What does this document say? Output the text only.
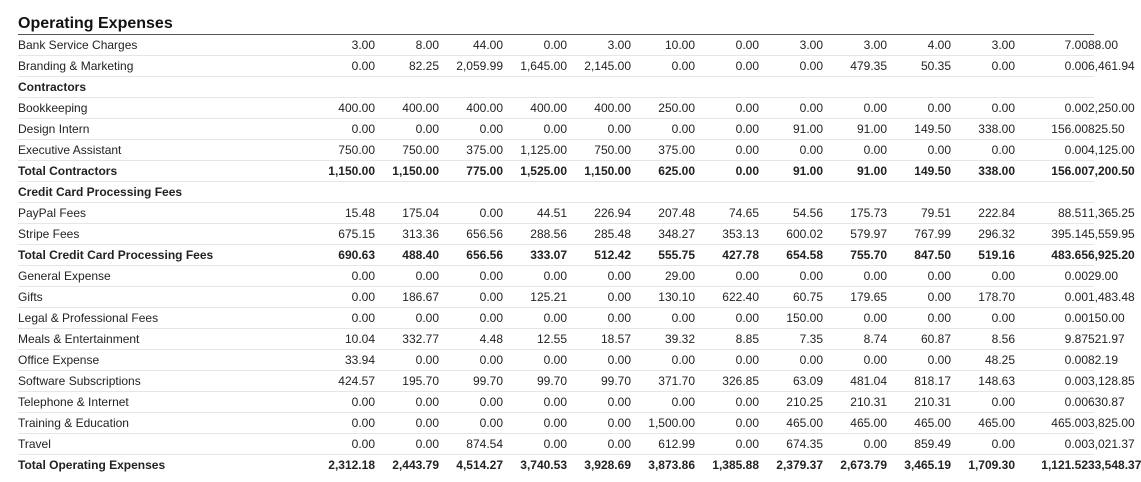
Operating Expenses
Bank Service Charges		3.00	8.00	44.00	0.00	3.00	10.00	0.00	3.00	3.00	4.00	3.00	7.00	88.00
Branding & Marketing		0.00	82.25	2,059.99	1,645.00	2,145.00	0.00	0.00	0.00	479.35	50.35	0.00	0.00	6,461.94
Contractors														
Bookkeeping		400.00	400.00	400.00	400.00	400.00	250.00	0.00	0.00	0.00	0.00	0.00	0.00	2,250.00
Design Intern		0.00	0.00	0.00	0.00	0.00	0.00	0.00	91.00	91.00	149.50	338.00	156.00	825.50
Executive Assistant		750.00	750.00	375.00	1,125.00	750.00	375.00	0.00	0.00	0.00	0.00	0.00	0.00	4,125.00
Total Contractors		1,150.00	1,150.00	775.00	1,525.00	1,150.00	625.00	0.00	91.00	91.00	149.50	338.00	156.00	7,200.50
Credit Card Processing Fees														
PayPal Fees		15.48	175.04	0.00	44.51	226.94	207.48	74.65	54.56	175.73	79.51	222.84	88.51	1,365.25
Stripe Fees		675.15	313.36	656.56	288.56	285.48	348.27	353.13	600.02	579.97	767.99	296.32	395.14	5,559.95
Total Credit Card Processing Fees		690.63	488.40	656.56	333.07	512.42	555.75	427.78	654.58	755.70	847.50	519.16	483.65	6,925.20
General Expense		0.00	0.00	0.00	0.00	0.00	29.00	0.00	0.00	0.00	0.00	0.00	0.00	29.00
Gifts		0.00	186.67	0.00	125.21	0.00	130.10	622.40	60.75	179.65	0.00	178.70	0.00	1,483.48
Legal & Professional Fees		0.00	0.00	0.00	0.00	0.00	0.00	0.00	150.00	0.00	0.00	0.00	0.00	150.00
Meals & Entertainment		10.04	332.77	4.48	12.55	18.57	39.32	8.85	7.35	8.74	60.87	8.56	9.87	521.97
Office Expense		33.94	0.00	0.00	0.00	0.00	0.00	0.00	0.00	0.00	0.00	48.25	0.00	82.19
Software Subscriptions		424.57	195.70	99.70	99.70	99.70	371.70	326.85	63.09	481.04	818.17	148.63	0.00	3,128.85
Telephone & Internet		0.00	0.00	0.00	0.00	0.00	0.00	0.00	210.25	210.31	210.31	0.00	0.00	630.87
Training & Education		0.00	0.00	0.00	0.00	0.00	1,500.00	0.00	465.00	465.00	465.00	465.00	465.00	3,825.00
Travel		0.00	0.00	874.54	0.00	0.00	612.99	0.00	674.35	0.00	859.49	0.00	0.00	3,021.37
Total Operating Expenses		2,312.18	2,443.79	4,514.27	3,740.53	3,928.69	3,873.86	1,385.88	2,379.37	2,673.79	3,465.19	1,709.30	1,121.52	33,548.37
